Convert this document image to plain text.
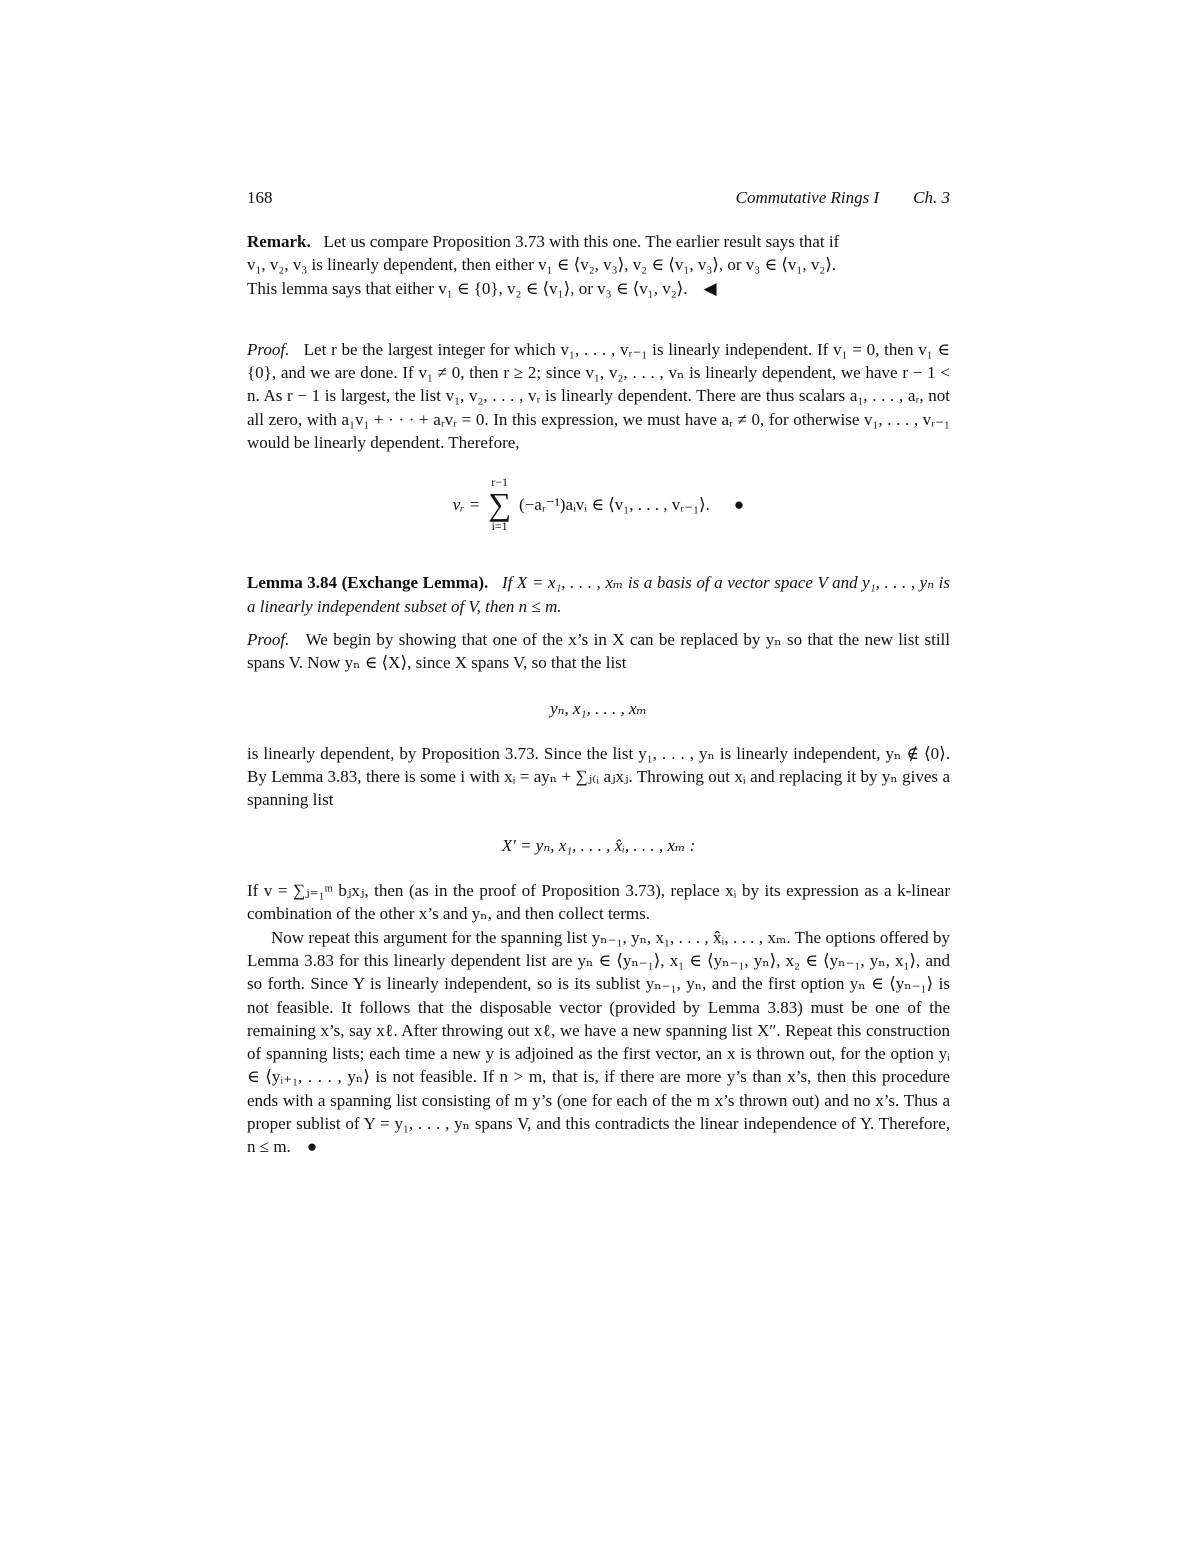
168	Commutative Rings I Ch. 3

Remark. Let us compare Proposition 3.73 with this one. The earlier result says that if

v₁, v₂, v₃ is linearly dependent, then either v₁ ∈ ⟨v₂, v₃⟩, v₂ ∈ ⟨v₁, v₃⟩, or v₃ ∈ ⟨v₁, v₂⟩.

This lemma says that either v₁ ∈ {0}, v₂ ∈ ⟨v₁⟩, or v₃ ∈ ⟨v₁, v₂⟩. ◀

Proof. Let r be the largest integer for which v₁, . . . , vᵣ₋₁ is linearly independent. If v₁ = 0, then v₁ ∈ {0}, and we are done. If v₁ ≠ 0, then r ≥ 2; since v₁, v₂, . . . , vₙ is linearly dependent, we have r − 1 < n. As r − 1 is largest, the list v₁, v₂, . . . , vᵣ is linearly dependent. There are thus scalars a₁, . . . , aᵣ, not all zero, with a₁v₁ + · · · + aᵣvᵣ = 0. In this expression, we must have aᵣ ≠ 0, for otherwise v₁, . . . , vᵣ₋₁ would be linearly dependent. Therefore,

vᵣ =
r−1
∑
i=1
(−aᵣ⁻¹)aᵢvᵢ ∈ ⟨v₁, . . . , vᵣ₋₁⟩. ●

Lemma 3.84 (Exchange Lemma). If X = x₁, . . . , xₘ is a basis of a vector space V and y₁, . . . , yₙ is a linearly independent subset of V, then n ≤ m.

Proof. We begin by showing that one of the x’s in X can be replaced by yₙ so that the new list still spans V. Now yₙ ∈ ⟨X⟩, since X spans V, so that the list

yₙ, x₁, . . . , xₘ

is linearly dependent, by Proposition 3.73. Since the list y₁, . . . , yₙ is linearly independent, yₙ ∉ ⟨0⟩. By Lemma 3.83, there is some i with xᵢ = ayₙ + ∑ⱼ₍ᵢ aⱼxⱼ. Throwing out xᵢ and replacing it by yₙ gives a spanning list

X′ = yₙ, x₁, . . . , x̂ᵢ, . . . , xₘ :

If v = ∑ⱼ₌₁ᵐ bⱼxⱼ, then (as in the proof of Proposition 3.73), replace xᵢ by its expression as a k-linear combination of the other x’s and yₙ, and then collect terms.

Now repeat this argument for the spanning list yₙ₋₁, yₙ, x₁, . . . , x̂ᵢ, . . . , xₘ. The options offered by Lemma 3.83 for this linearly dependent list are yₙ ∈ ⟨yₙ₋₁⟩, x₁ ∈ ⟨yₙ₋₁, yₙ⟩, x₂ ∈ ⟨yₙ₋₁, yₙ, x₁⟩, and so forth. Since Y is linearly independent, so is its sublist yₙ₋₁, yₙ, and the first option yₙ ∈ ⟨yₙ₋₁⟩ is not feasible. It follows that the disposable vector (provided by Lemma 3.83) must be one of the remaining x’s, say xℓ. After throwing out xℓ, we have a new spanning list X″. Repeat this construction of spanning lists; each time a new y is adjoined as the first vector, an x is thrown out, for the option yᵢ ∈ ⟨yᵢ₊₁, . . . , yₙ⟩ is not feasible. If n > m, that is, if there are more y’s than x’s, then this procedure ends with a spanning list consisting of m y’s (one for each of the m x’s thrown out) and no x’s. Thus a proper sublist of Y = y₁, . . . , yₙ spans V, and this contradicts the linear independence of Y. Therefore, n ≤ m. ●
